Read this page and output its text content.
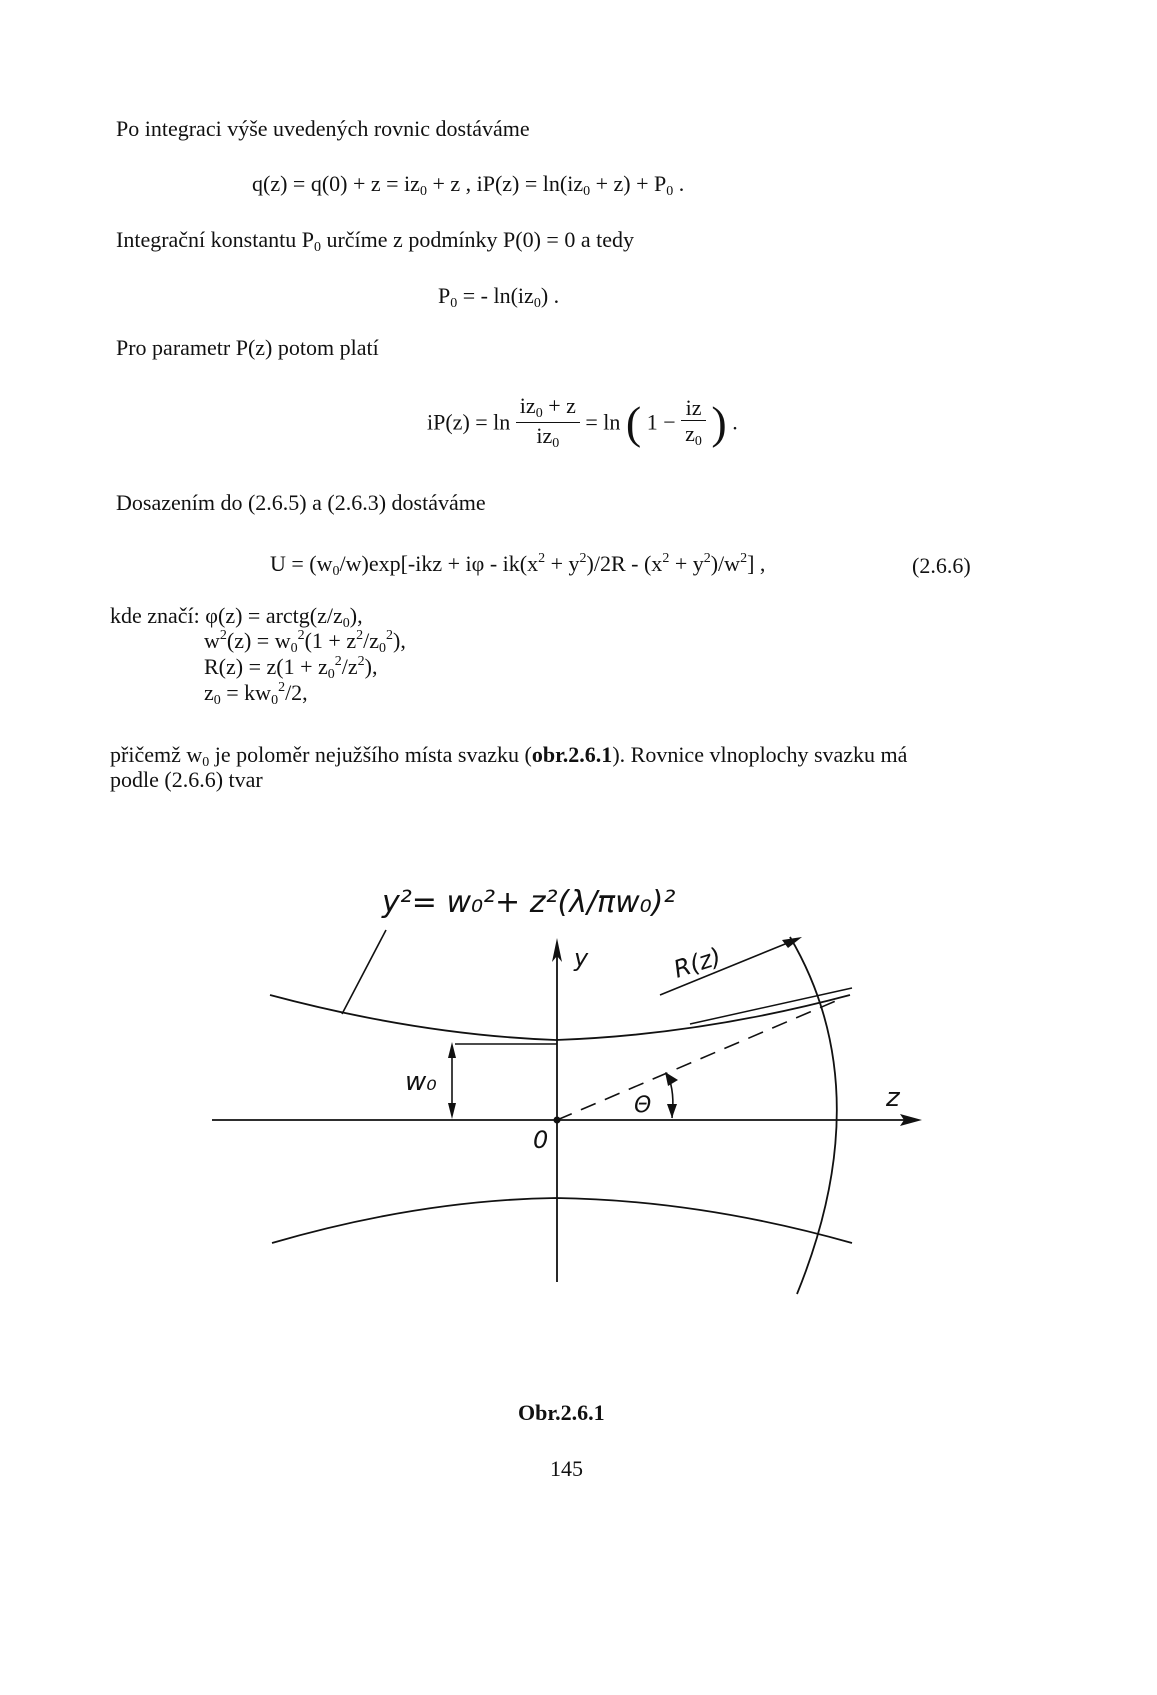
Po integraci výše uvedených rovnic dostáváme
$q(z) = q(0) + z = iz_0 + z$ , $iP(z) = \ln(iz_0 + z) + P_0$ .
Integrační konstantu $P_0$ určíme z podmínky P(0) = 0 a tedy
$P_0$ = - $\ln(iz_0)$ .
Pro parametr P(z) potom platí
$iP(z) = \ln \frac{iz_0 + z}{iz_0} = \ln$ ( $1 - \frac{iz}{z_0}$ ) .
Dosazením do (2.6.5) a (2.6.3) dostáváme
$U = (w_0/w)\exp$[-ikz + $i\varphi - ik(x^2 + y^2)/2R - (x^2 + y^2)/w^2$] ,	(2.6.6)
kde značí: $\varphi(z) = arctg(z/z_0)$,
$w^2(z) = w_0^2(1 + z^2/z_0^2)$,
$R(z) = z(1 + z_0^2/z^2)$,
$z_0 = kw_0^2/2$,
přičemž $w_0$ je poloměr nejužšího místa svazku (obr.2.6.1). Rovnice vlnoplochy svazku má
podle (2.6.6) tvar
y²= w₀²+ z²(λ/πw₀)²
z
y
0
w₀
Θ
R(z)
Obr.2.6.1
145
